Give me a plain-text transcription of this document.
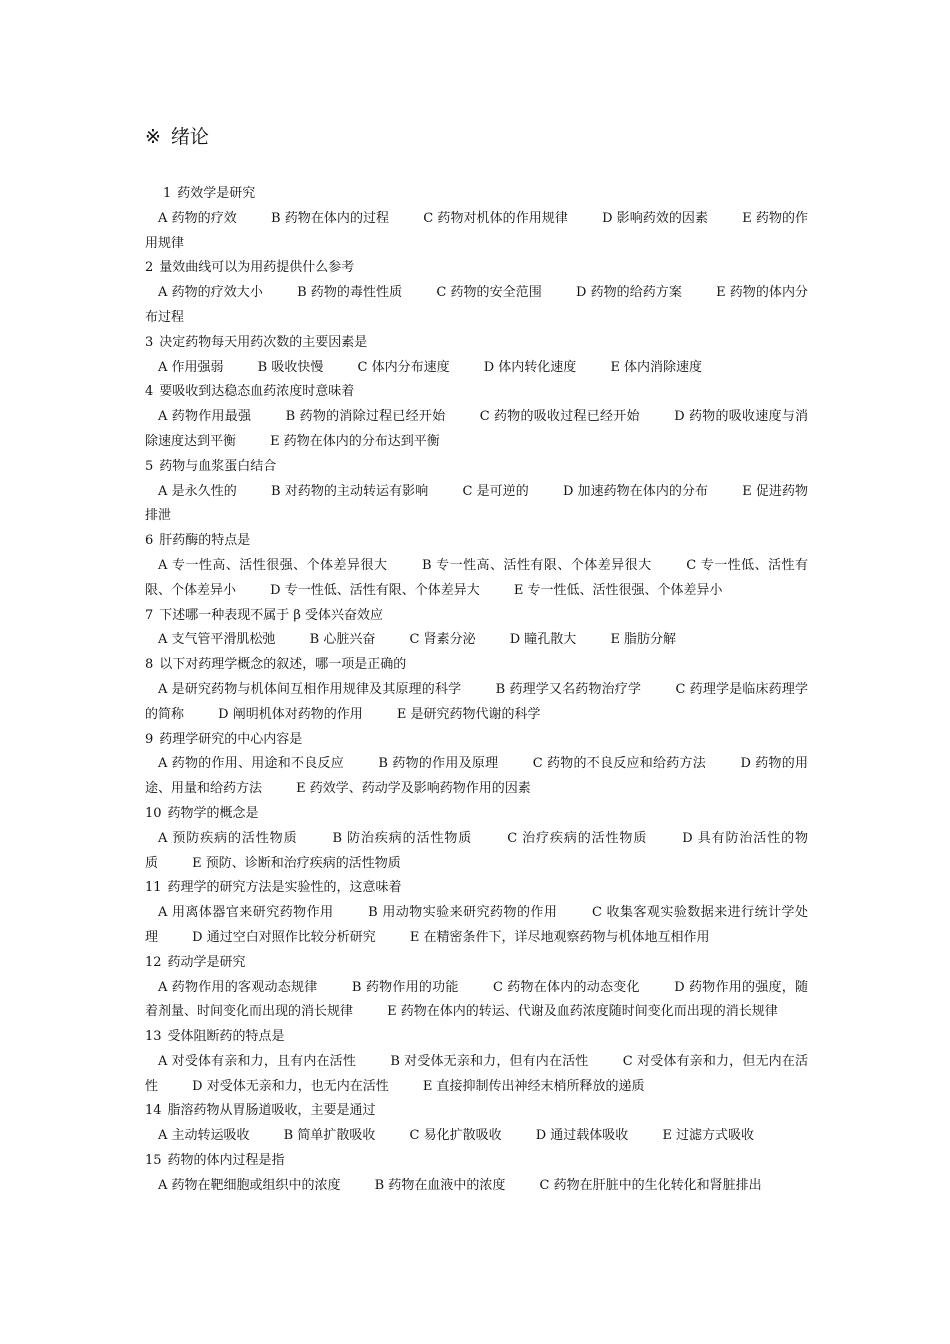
※ 绪论

1 药效学是研究

A 药物的疗效	B 药物在体内的过程	C 药物对机体的作用规律	D 影响药效的因素	E 药物的作用规律

2 量效曲线可以为用药提供什么参考

A 药物的疗效大小	B 药物的毒性性质	C 药物的安全范围	D 药物的给药方案	E 药物的体内分布过程

3 决定药物每天用药次数的主要因素是

A 作用强弱	B 吸收快慢	C 体内分布速度	D 体内转化速度	E 体内消除速度

4 要吸收到达稳态血药浓度时意味着

A 药物作用最强	B 药物的消除过程已经开始	C 药物的吸收过程已经开始	D 药物的吸收速度与消除速度达到平衡	E 药物在体内的分布达到平衡

5 药物与血浆蛋白结合

A 是永久性的	B 对药物的主动转运有影响	C 是可逆的	D 加速药物在体内的分布	E 促进药物排泄

6 肝药酶的特点是

A 专一性高、活性很强、个体差异很大	B 专一性高、活性有限、个体差异很大	C 专一性低、活性有限、个体差异小	D 专一性低、活性有限、个体差异大	E 专一性低、活性很强、个体差异小

7 下述哪一种表现不属于 β 受体兴奋效应

A 支气管平滑肌松弛	B 心脏兴奋	C 肾素分泌	D 瞳孔散大	E 脂肪分解

8 以下对药理学概念的叙述，哪一项是正确的

A 是研究药物与机体间互相作用规律及其原理的科学	B 药理学又名药物治疗学	C 药理学是临床药理学的简称	D 阐明机体对药物的作用	E 是研究药物代谢的科学

9 药理学研究的中心内容是

A 药物的作用、用途和不良反应	B 药物的作用及原理	C 药物的不良反应和给药方法	D 药物的用途、用量和给药方法	E 药效学、药动学及影响药物作用的因素

10 药物学的概念是

A 预防疾病的活性物质	B 防治疾病的活性物质	C 治疗疾病的活性物质	D 具有防治活性的物质	E 预防、诊断和治疗疾病的活性物质

11 药理学的研究方法是实验性的，这意味着

A 用离体器官来研究药物作用	B 用动物实验来研究药物的作用	C 收集客观实验数据来进行统计学处理	D 通过空白对照作比较分析研究	E 在精密条件下，详尽地观察药物与机体地互相作用

12 药动学是研究

A 药物作用的客观动态规律	B 药物作用的功能	C 药物在体内的动态变化	D 药物作用的强度，随着剂量、时间变化而出现的消长规律	E 药物在体内的转运、代谢及血药浓度随时间变化而出现的消长规律

13 受体阻断药的特点是

A 对受体有亲和力，且有内在活性	B 对受体无亲和力，但有内在活性	C 对受体有亲和力，但无内在活性	D 对受体无亲和力，也无内在活性	E 直接抑制传出神经末梢所释放的递质

14 脂溶药物从胃肠道吸收，主要是通过

A 主动转运吸收	B 简单扩散吸收	C 易化扩散吸收	D 通过载体吸收	E 过滤方式吸收

15 药物的体内过程是指

A 药物在靶细胞或组织中的浓度	B 药物在血液中的浓度	C 药物在肝脏中的生化转化和肾脏排出
